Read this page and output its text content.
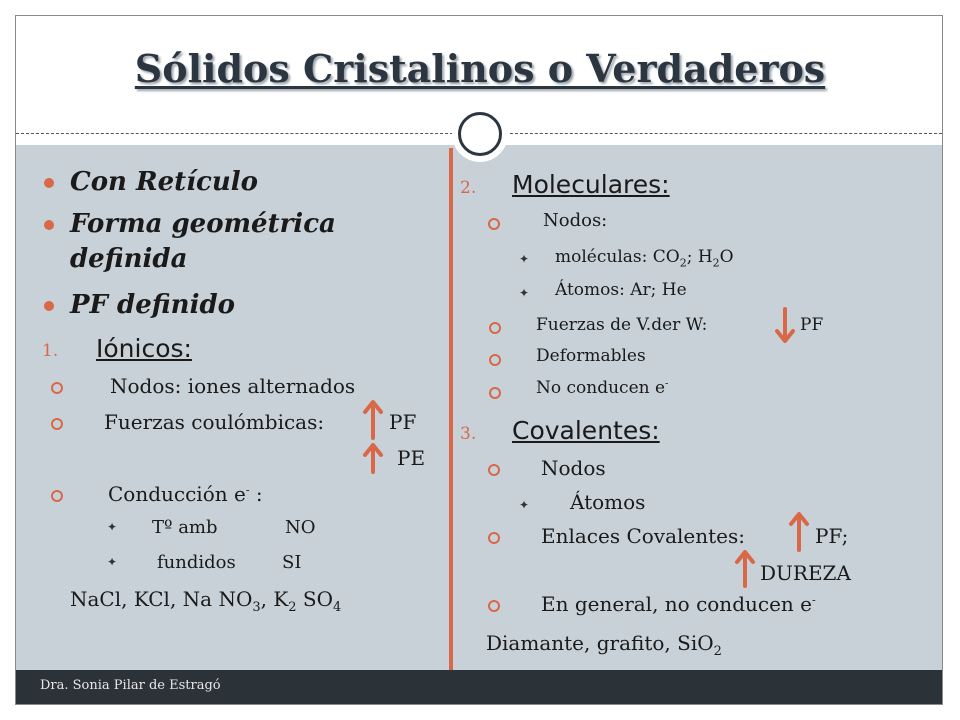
Sólidos Cristalinos o Verdaderos
Con Retículo
Forma geométrica
definida
PF definido
1. Iónicos:
Nodos: iones alternados
Fuerzas coulómbicas:	PF
PE
Conducción e- :
✦ Tº amb	NO
✦ fundidos	SI
NaCl, KCl, Na $NO_3$, $K_2$ $SO_4$
2. Moleculares:
Nodos:
✦ moléculas: $CO_2$; $H_2O$
✦ Átomos: Ar; He
Fuerzas de V.der W:	PF
Deformables
No conducen e-
3. Covalentes:
Nodos
✦ Átomos
Enlaces Covalentes:	PF;
DUREZA
En general, no conducen e-
Diamante, grafito, SiO$_2$
Dra. Sonia Pilar de Estragó
